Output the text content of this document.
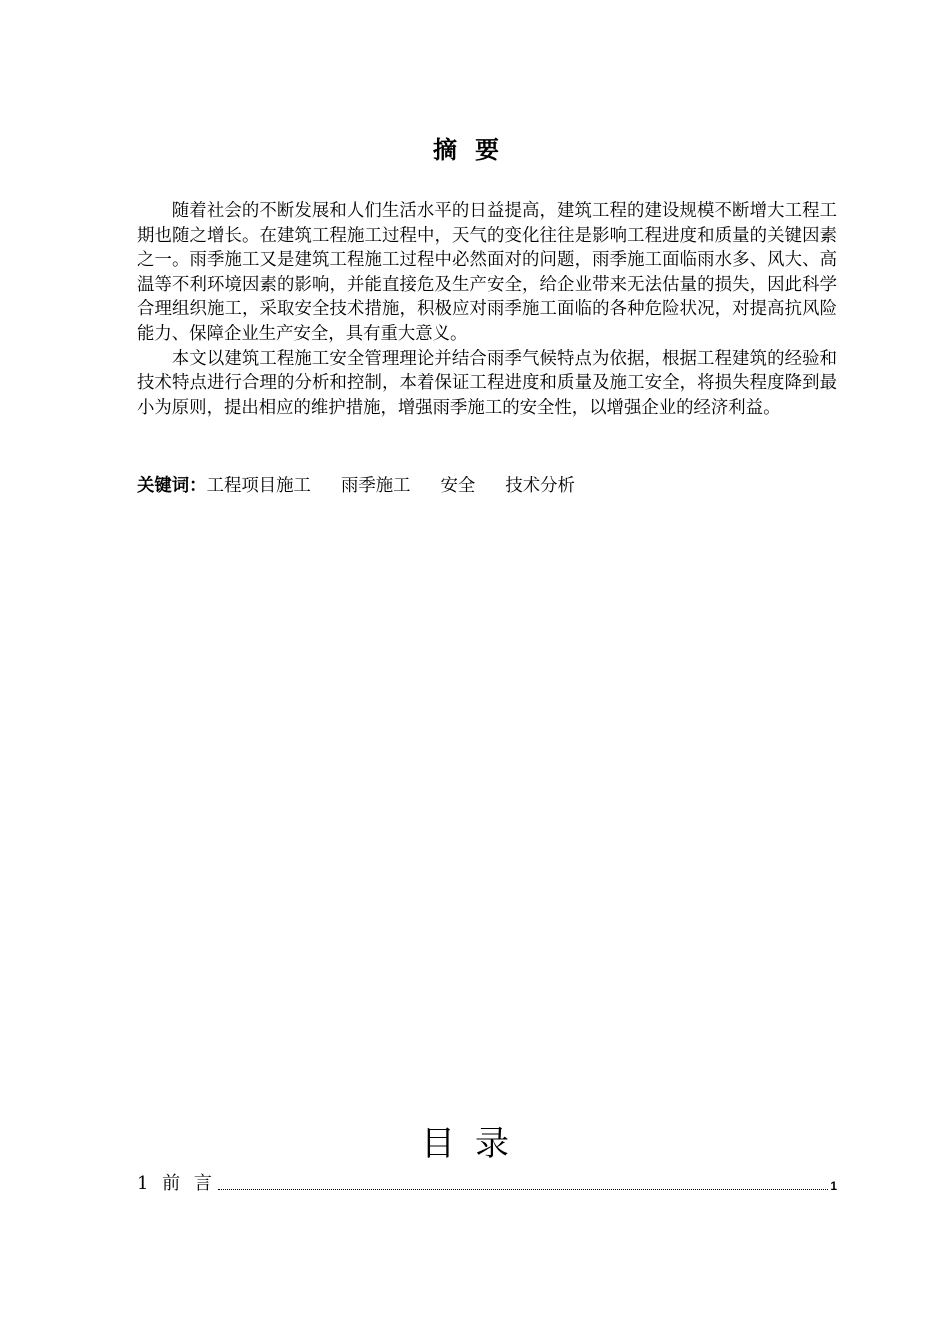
摘要

随着社会的不断发展和人们生活水平的日益提高，建筑工程的建设规模不断增大工程工期也随之增长。在建筑工程施工过程中，天气的变化往往是影响工程进度和质量的关键因素之一。雨季施工又是建筑工程施工过程中必然面对的问题，雨季施工面临雨水多、风大、高温等不利环境因素的影响，并能直接危及生产安全，给企业带来无法估量的损失，因此科学合理组织施工，采取安全技术措施，积极应对雨季施工面临的各种危险状况，对提高抗风险能力、保障企业生产安全，具有重大意义。

本文以建筑工程施工安全管理理论并结合雨季气候特点为依据，根据工程建筑的经验和技术特点进行合理的分析和控制，本着保证工程进度和质量及施工安全，将损失程度降到最小为原则，提出相应的维护措施，增强雨季施工的安全性，以增强企业的经济利益。

关键词：工程项目施工 雨季施工 安全 技术分析
目录
1 前 言	1
